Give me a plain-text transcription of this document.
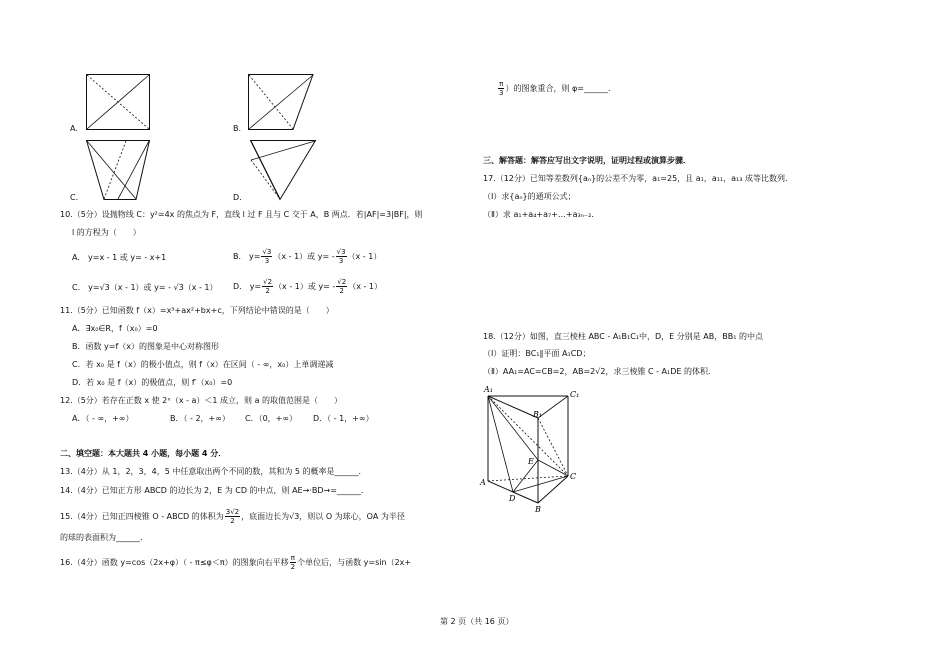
A.	B.
C.	D.
10.（5分）设抛物线 C：y²=4x 的焦点为 F，直线 l 过 F 且与 C 交于 A，B 两点．若|AF|=3|BF|，则
l 的方程为（　　）
A． y=x - 1 或 y= - x+1	B． $y= \frac{√3}{3} (x - 1)$或 $y= - \frac{√3}{3} (x - 1)$
C． y=√3（x - 1）或 y= - √3（x - 1） D． $y= \frac{√2}{2} (x - 1)$或 $y= - \frac{√2}{2} (x - 1)$
11.（5分）已知函数 f（x）=x³+ax²+bx+c，下列结论中错误的是（　　）
A．∃x₀∈R，f（x₀）=0
B．函数 y=f（x）的图象是中心对称图形
C．若 x₀ 是 f（x）的极小值点，则 f（x）在区间（ - ∞，x₀）上单调递减
D．若 x₀ 是 f（x）的极值点，则 f′（x₀）=0
12.（5分）若存在正数 x 使 2ˣ（x - a）＜1 成立，则 a 的取值范围是（　　）
A．（ - ∞，+∞）	B．（ - 2，+∞） C．（0，+∞） D．（ - 1，+∞）
二、填空题：本大题共 4 小题，每小题 4 分．
13.（4分）从 1，2，3，4，5 中任意取出两个不同的数，其和为 5 的概率是______．
14.（4分）已知正方形 ABCD 的边长为 2，E 为 CD 的中点，则 AE→·BD→=______．
15.（4分）已知正四棱锥 O - ABCD 的体积为 $\frac{3√2}{2}$ ，底面边长为√3，则以 O 为球心，OA 为半径
的球的表面积为______．
16.（4分）函数 y=cos（2x+φ）（ - π≤φ＜π）的图象向右平移 $\frac{\pi}{2}$ 个单位后，与函数 y=sin（2x+
$\frac{\pi}{3}$ ）的图象重合，则 φ=______．
三、解答题：解答应写出文字说明，证明过程或演算步骤．
17.（12分）已知等差数列{aₙ}的公差不为零，a₁=25，且 a₁，a₁₁，a₁₃ 成等比数列．
（Ⅰ）求{aₙ}的通项公式；
（Ⅱ）求 a₁+a₄+a₇+…+a₃ₙ₋₂．
18.（12分）如图，直三棱柱 ABC - A₁B₁C₁中，D，E 分别是 AB，BB₁ 的中点
（Ⅰ）证明：BC₁∥平面 A₁CD；
（Ⅱ）AA₁=AC=CB=2，AB=2√2，求三棱锥 C - A₁DE 的体积．
A₁
C₁
B₁
E
C
A
D
B
第 2 页（共 16 页）
